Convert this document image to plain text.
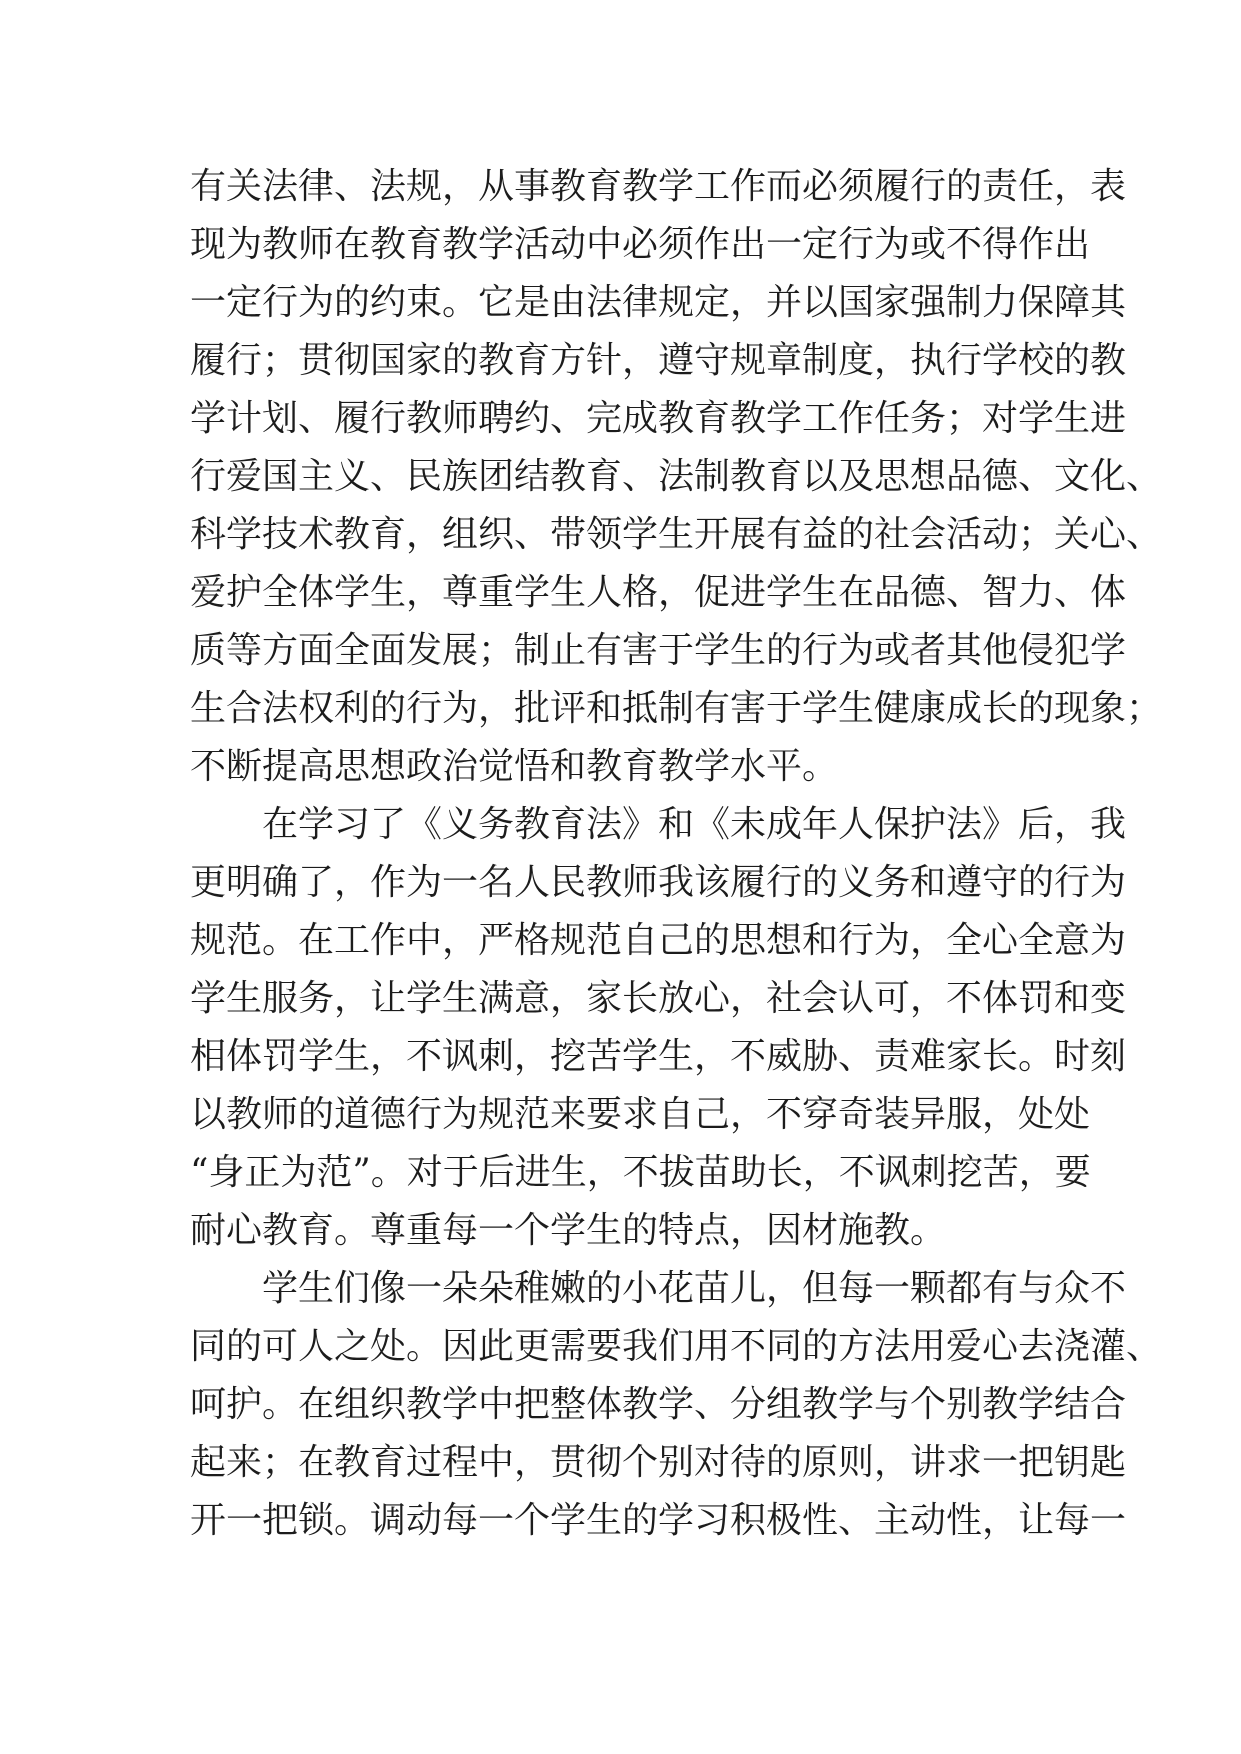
有关法律、法规，从事教育教学工作而必须履行的责任，表
现为教师在教育教学活动中必须作出一定行为或不得作出
一定行为的约束。它是由法律规定，并以国家强制力保障其
履行；贯彻国家的教育方针，遵守规章制度，执行学校的教
学计划、履行教师聘约、完成教育教学工作任务；对学生进
行爱国主义、民族团结教育、法制教育以及思想品德、文化、
科学技术教育，组织、带领学生开展有益的社会活动；关心、
爱护全体学生，尊重学生人格，促进学生在品德、智力、体
质等方面全面发展；制止有害于学生的行为或者其他侵犯学
生合法权利的行为，批评和抵制有害于学生健康成长的现象；
不断提高思想政治觉悟和教育教学水平。
在学习了《义务教育法》和《未成年人保护法》后，我
更明确了，作为一名人民教师我该履行的义务和遵守的行为
规范。在工作中，严格规范自己的思想和行为，全心全意为
学生服务，让学生满意，家长放心，社会认可，不体罚和变
相体罚学生，不讽刺，挖苦学生，不威胁、责难家长。时刻
以教师的道德行为规范来要求自己，不穿奇装异服，处处
“身正为范”。对于后进生，不拔苗助长，不讽刺挖苦，要
耐心教育。尊重每一个学生的特点，因材施教。
学生们像一朵朵稚嫩的小花苗儿，但每一颗都有与众不
同的可人之处。因此更需要我们用不同的方法用爱心去浇灌、
呵护。在组织教学中把整体教学、分组教学与个别教学结合
起来；在教育过程中，贯彻个别对待的原则，讲求一把钥匙
开一把锁。调动每一个学生的学习积极性、主动性，让每一
